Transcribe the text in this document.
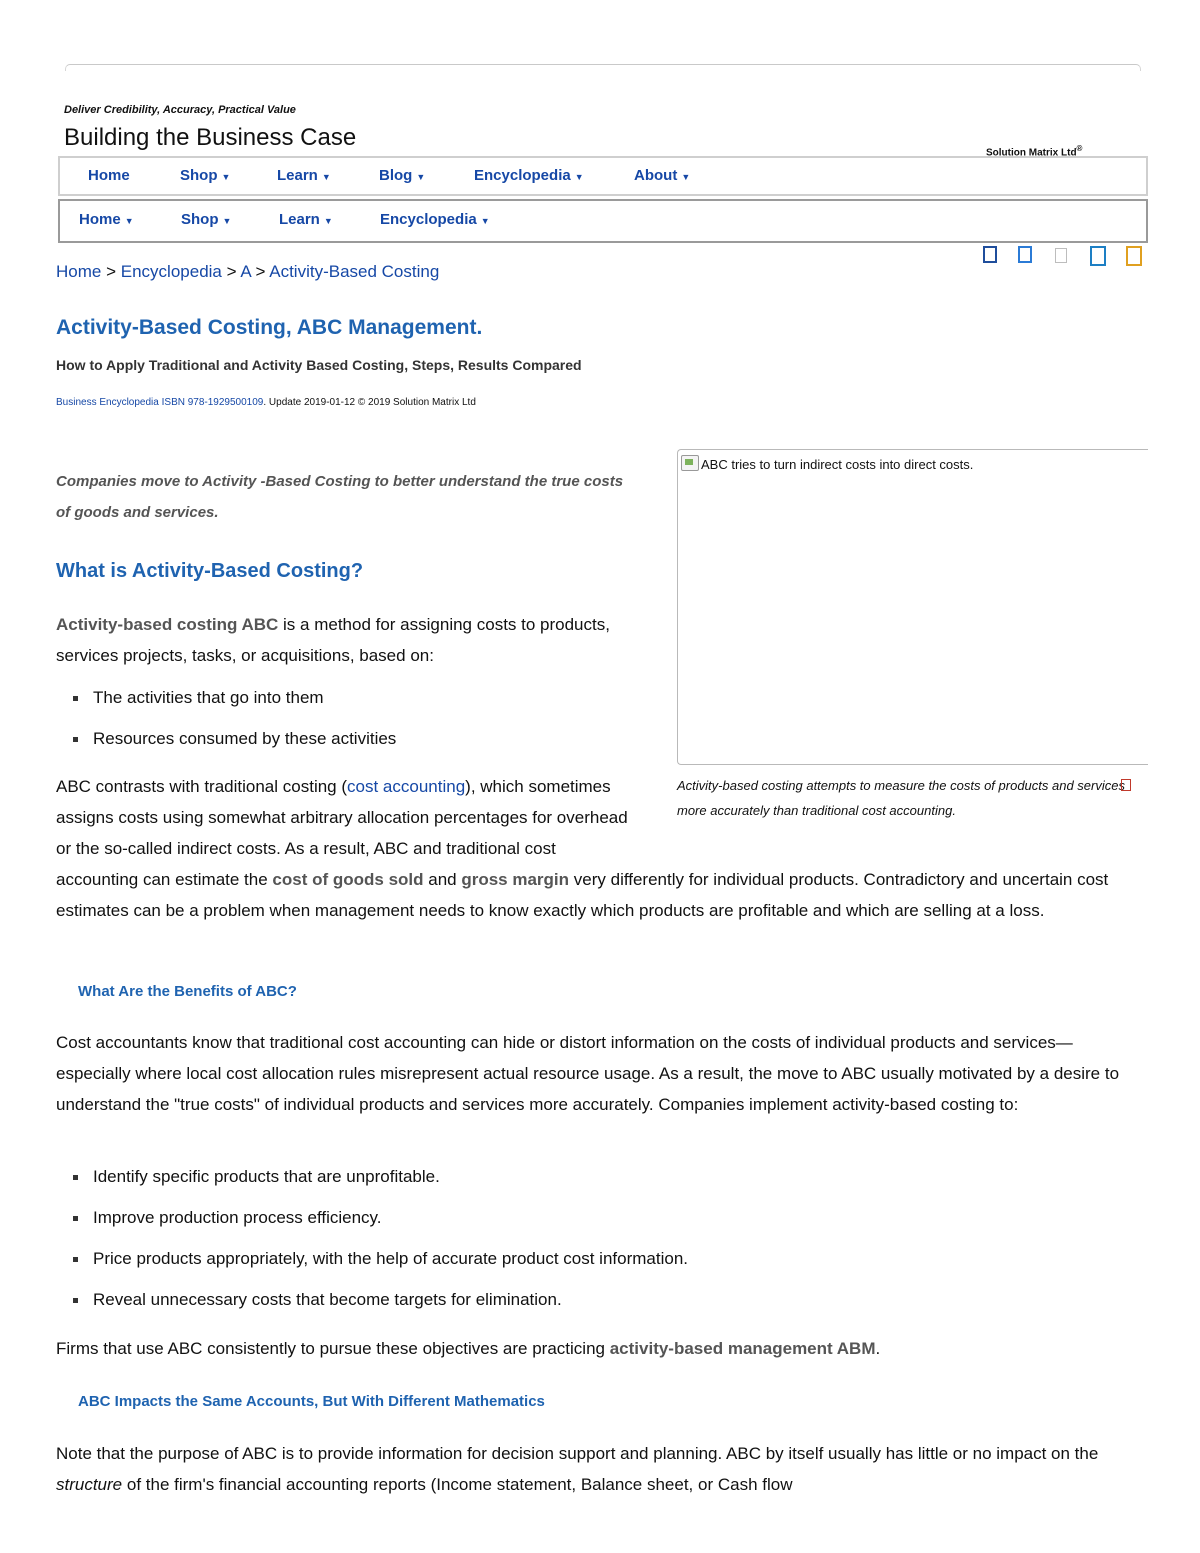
Deliver Credibility, Accuracy, Practical Value
Building the Business Case
Solution Matrix Ltd®
Home	Shop ▼	Learn ▼	Blog ▼	Encyclopedia ▼	About ▼
Home ▼	Shop ▼	Learn ▼	Encyclopedia ▼
Home > Encyclopedia > A > Activity-Based Costing
Activity-Based Costing, ABC Management.
How to Apply Traditional and Activity Based Costing, Steps, Results Compared
Business Encyclopedia ISBN 978-1929500109. Update 2019-01-12 © 2019 Solution Matrix Ltd
Companies move to Activity -Based Costing to better understand the true costs of goods and services.
ABC tries to turn indirect costs into direct costs.
Activity-based costing attempts to measure the costs of products and services more accurately than traditional cost accounting.
What is Activity-Based Costing?
Activity-based costing ABC is a method for assigning costs to products, services projects, tasks, or acquisitions, based on:
The activities that go into them
Resources consumed by these activities
ABC contrasts with traditional costing (cost accounting), which sometimes assigns costs using somewhat arbitrary allocation percentages for overhead or the so-called indirect costs. As a result, ABC and traditional cost accounting can estimate the cost of goods sold and gross margin very differently for individual products. Contradictory and uncertain cost estimates can be a problem when management needs to know exactly which products are profitable and which are selling at a loss.
What Are the Benefits of ABC?
Cost accountants know that traditional cost accounting can hide or distort information on the costs of individual products and services—especially where local cost allocation rules misrepresent actual resource usage. As a result, the move to ABC usually motivated by a desire to understand the "true costs" of individual products and services more accurately. Companies implement activity-based costing to:
Identify specific products that are unprofitable.
Improve production process efficiency.
Price products appropriately, with the help of accurate product cost information.
Reveal unnecessary costs that become targets for elimination.
Firms that use ABC consistently to pursue these objectives are practicing activity-based management ABM.
ABC Impacts the Same Accounts, But With Different Mathematics
Note that the purpose of ABC is to provide information for decision support and planning. ABC by itself usually has little or no impact on the structure of the firm's financial accounting reports (Income statement, Balance sheet, or Cash flow
